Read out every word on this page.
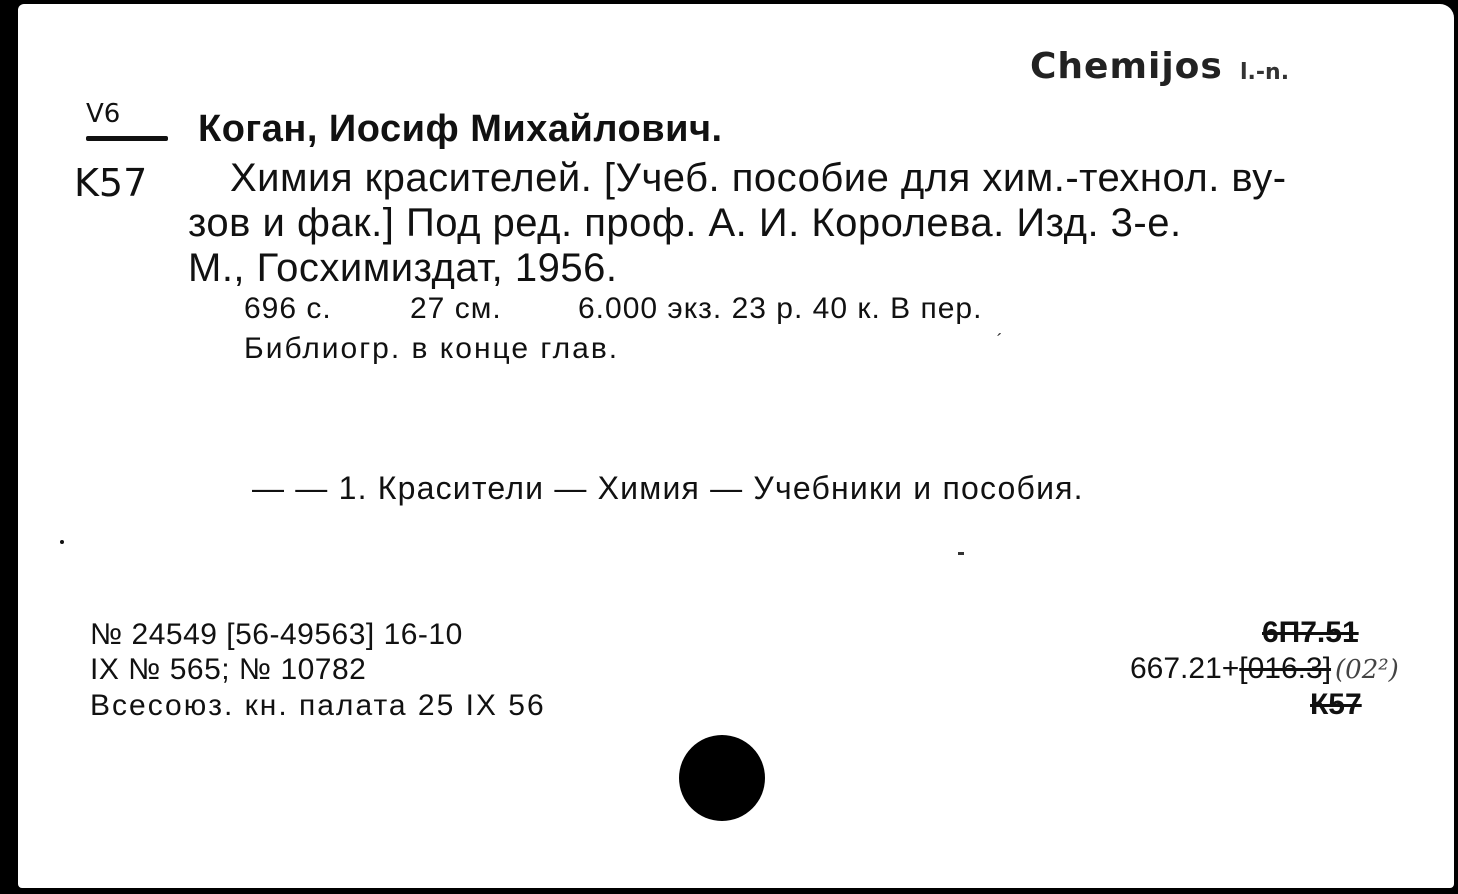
Chemijos l.-n.
V6
K57
Коган, Иосиф Михайлович.
Химия красителей. [Учеб. пособие для хим.-технол. ву-
зов и фак.] Под ред. проф. А. И. Королева. Изд. 3-е.
М., Госхимиздат, 1956.
696 с.	27 см.	6.000 экз. 23 р. 40 к. В пер.
Библиогр. в конце глав.	´
— — 1. Красители — Химия — Учебники и пособия.
№ 24549 [56-49563] 16-10
IX № 565; № 10782
Всесоюз. кн. палата 25 IX 56
6П7.51
667.21+[016.3] (02²)
К57
